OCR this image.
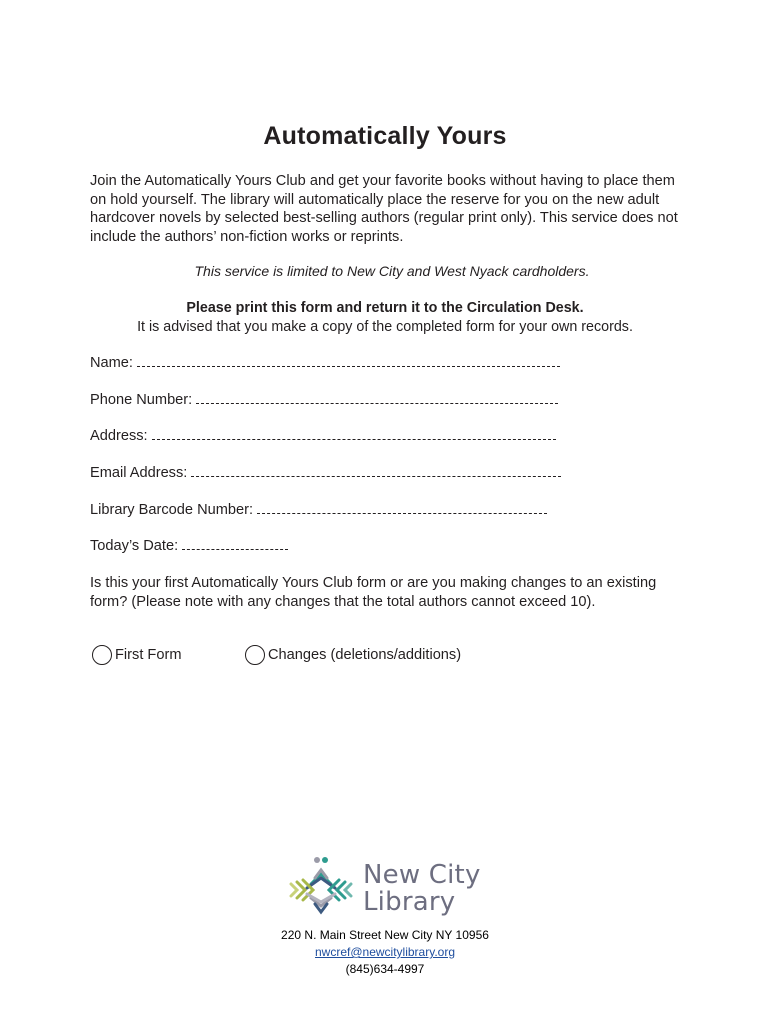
Automatically Yours
Join the Automatically Yours Club and get your favorite books without having to place them on hold yourself. The library will automatically place the reserve for you on the new adult hardcover novels by selected best-selling authors (regular print only). This service does not include the authors’ non-fiction works or reprints.
This service is limited to New City and West Nyack cardholders.
Please print this form and return it to the Circulation Desk.
It is advised that you make a copy of the completed form for your own records.
Name:
Phone Number:
Address:
Email Address:
Library Barcode Number:
Today’s Date:
Is this your first Automatically Yours Club form or are you making changes to an existing form? (Please note with any changes that the total authors cannot exceed 10).
First Form	Changes (deletions/additions)
New City
Library
220 N. Main Street New City NY 10956
nwcref@newcitylibrary.org
(845)634-4997
